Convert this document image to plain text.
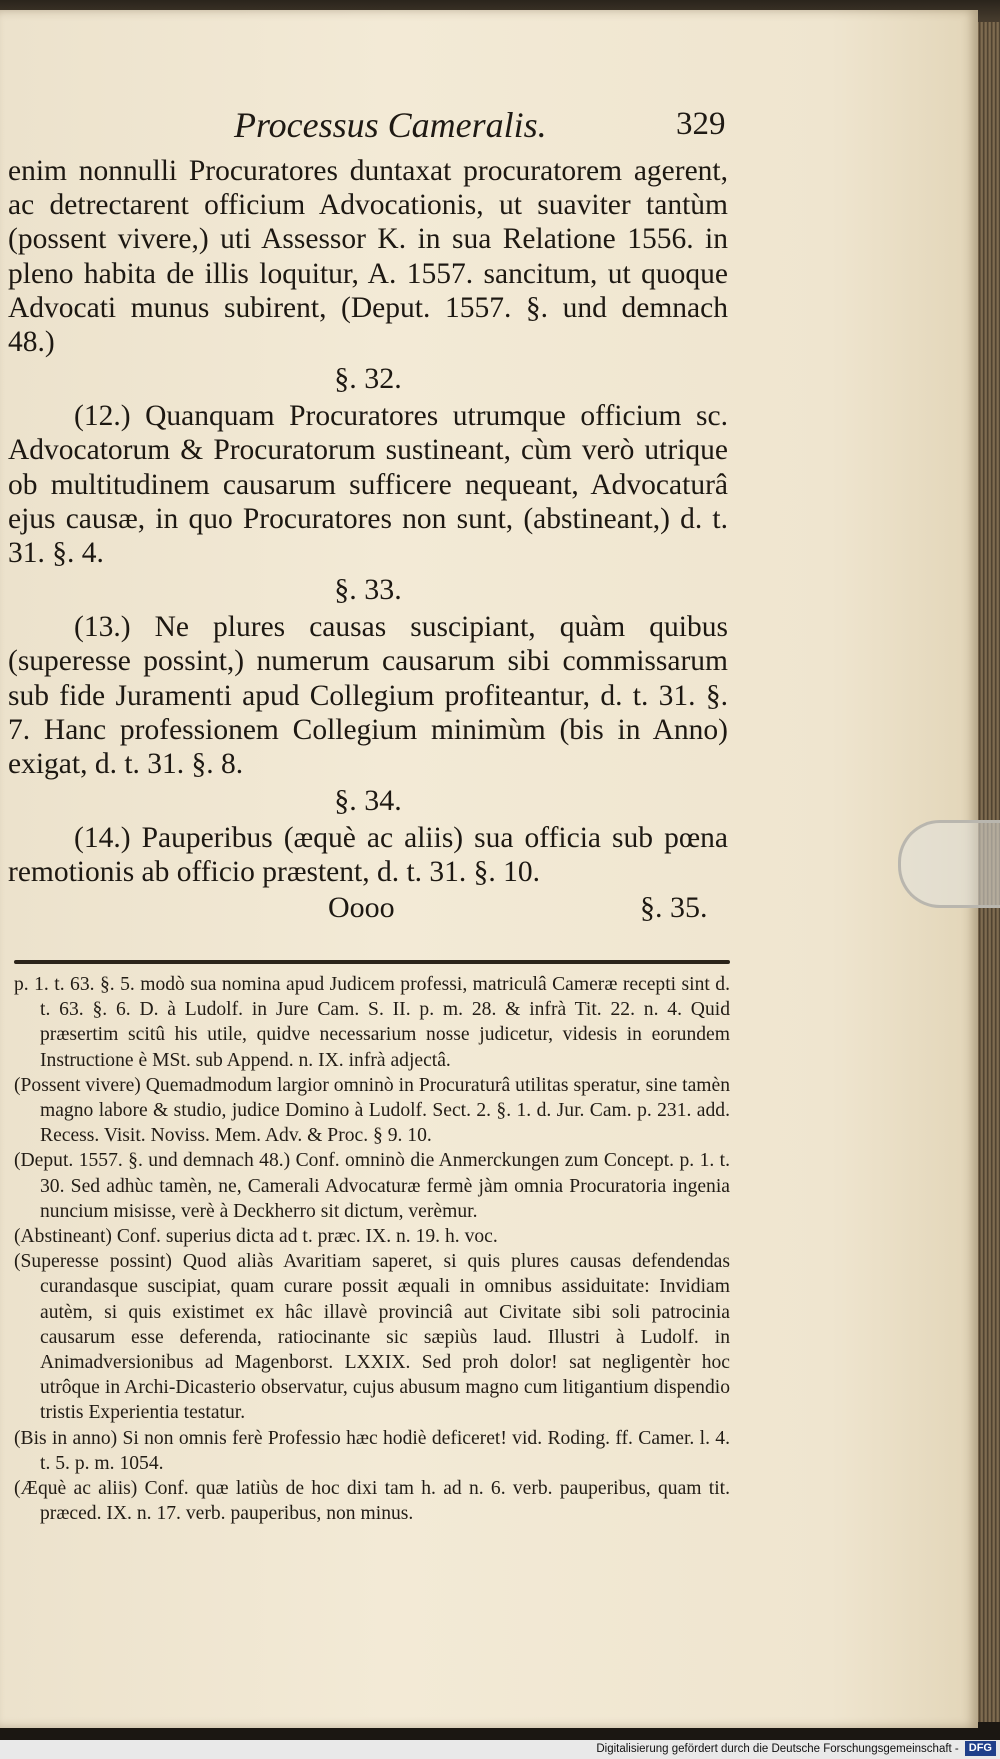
Processus Cameralis.	329

enim nonnulli Procuratores duntaxat procuratorem agerent, ac detrectarent officium Advocationis, ut suaviter tantùm (possent vivere,) uti Assessor K. in sua Relatione 1556. in pleno habita de illis loquitur, A. 1557. sancitum, ut quoque Advocati munus subirent, (Deput. 1557. §. und demnach 48.)

§. 32.

(12.) Quanquam Procuratores utrumque officium sc. Advocatorum & Procuratorum sustineant, cùm verò utrique ob multitudinem causarum sufficere nequeant, Advocaturâ ejus causæ, in quo Procuratores non sunt, (abstineant,) d. t. 31. §. 4.

§. 33.

(13.) Ne plures causas suscipiant, quàm quibus (superesse possint,) numerum causarum sibi commissarum sub fide Juramenti apud Collegium profiteantur, d. t. 31. §. 7. Hanc professionem Collegium minimùm (bis in Anno) exigat, d. t. 31. §. 8.

§. 34.

(14.) Pauperibus (æquè ac aliis) sua officia sub pœna remotionis ab officio præstent, d. t. 31. §. 10.

Oooo	§. 35.

p. 1. t. 63. §. 5. modò sua nomina apud Judicem professi, matriculâ Cameræ recepti sint d. t. 63. §. 6. D. à Ludolf. in Jure Cam. S. II. p. m. 28. & infrà Tit. 22. n. 4. Quid præsertim scitû his utile, quidve necessarium nosse judicetur, videsis in eorundem Instructione è MSt. sub Append. n. IX. infrà adjectâ.

(Possent vivere) Quemadmodum largior omninò in Procuraturâ utilitas speratur, sine tamèn magno labore & studio, judice Domino à Ludolf. Sect. 2. §. 1. d. Jur. Cam. p. 231. add. Recess. Visit. Noviss. Mem. Adv. & Proc. § 9. 10.

(Deput. 1557. §. und demnach 48.) Conf. omninò die Anmerckungen zum Concept. p. 1. t. 30. Sed adhùc tamèn, ne, Camerali Advocaturæ fermè jàm omnia Procuratoria ingenia nuncium misisse, verè à Deckherro sit dictum, verèmur.

(Abstineant) Conf. superius dicta ad t. præc. IX. n. 19. h. voc.

(Superesse possint) Quod aliàs Avaritiam saperet, si quis plures causas defendendas curandasque suscipiat, quam curare possit æquali in omnibus assiduitate: Invidiam autèm, si quis existimet ex hâc illavè provinciâ aut Civitate sibi soli patrocinia causarum esse deferenda, ratiocinante sic sæpiùs laud. Illustri à Ludolf. in Animadversionibus ad Magenborst. LXXIX. Sed proh dolor! sat negligentèr hoc utrôque in Archi-Dicasterio observatur, cujus abusum magno cum litigantium dispendio tristis Experientia testatur.

(Bis in anno) Si non omnis ferè Professio hæc hodiè deficeret! vid. Roding. ff. Camer. l. 4. t. 5. p. m. 1054.

(Æquè ac aliis) Conf. quæ latiùs de hoc dixi tam h. ad n. 6. verb. pauperibus, quam tit. præced. IX. n. 17. verb. pauperibus, non minus.

Digitalisierung gefördert durch die Deutsche Forschungsgemeinschaft - DFG
